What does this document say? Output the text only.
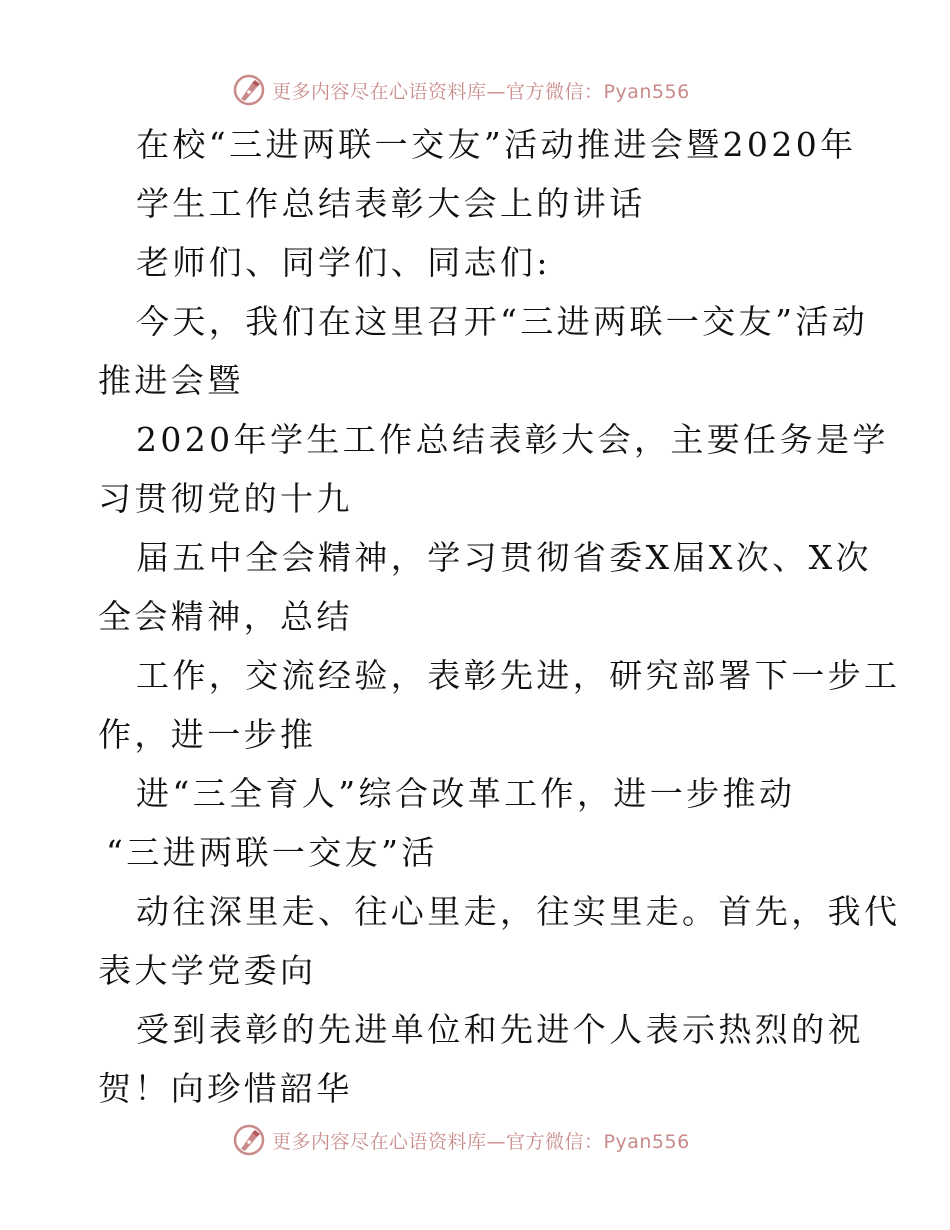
更多内容尽在心语资料库—官方微信：Pyan556
在校“三进两联一交友”活动推进会暨2020年
学生工作总结表彰大会上的讲话
老师们、同学们、同志们:
今天，我们在这里召开“三进两联一交友”活动
推进会暨
2020年学生工作总结表彰大会，主要任务是学
习贯彻党的十九
届五中全会精神，学习贯彻省委X届X次、X次
全会精神，总结
工作，交流经验，表彰先进，研究部署下一步工
作，进一步推
进“三全育人”综合改革工作，进一步推动
“三进两联一交友”活
动往深里走、往心里走，往实里走。首先，我代
表大学党委向
受到表彰的先进单位和先进个人表示热烈的祝
贺！向珍惜韶华
更多内容尽在心语资料库—官方微信：Pyan556
